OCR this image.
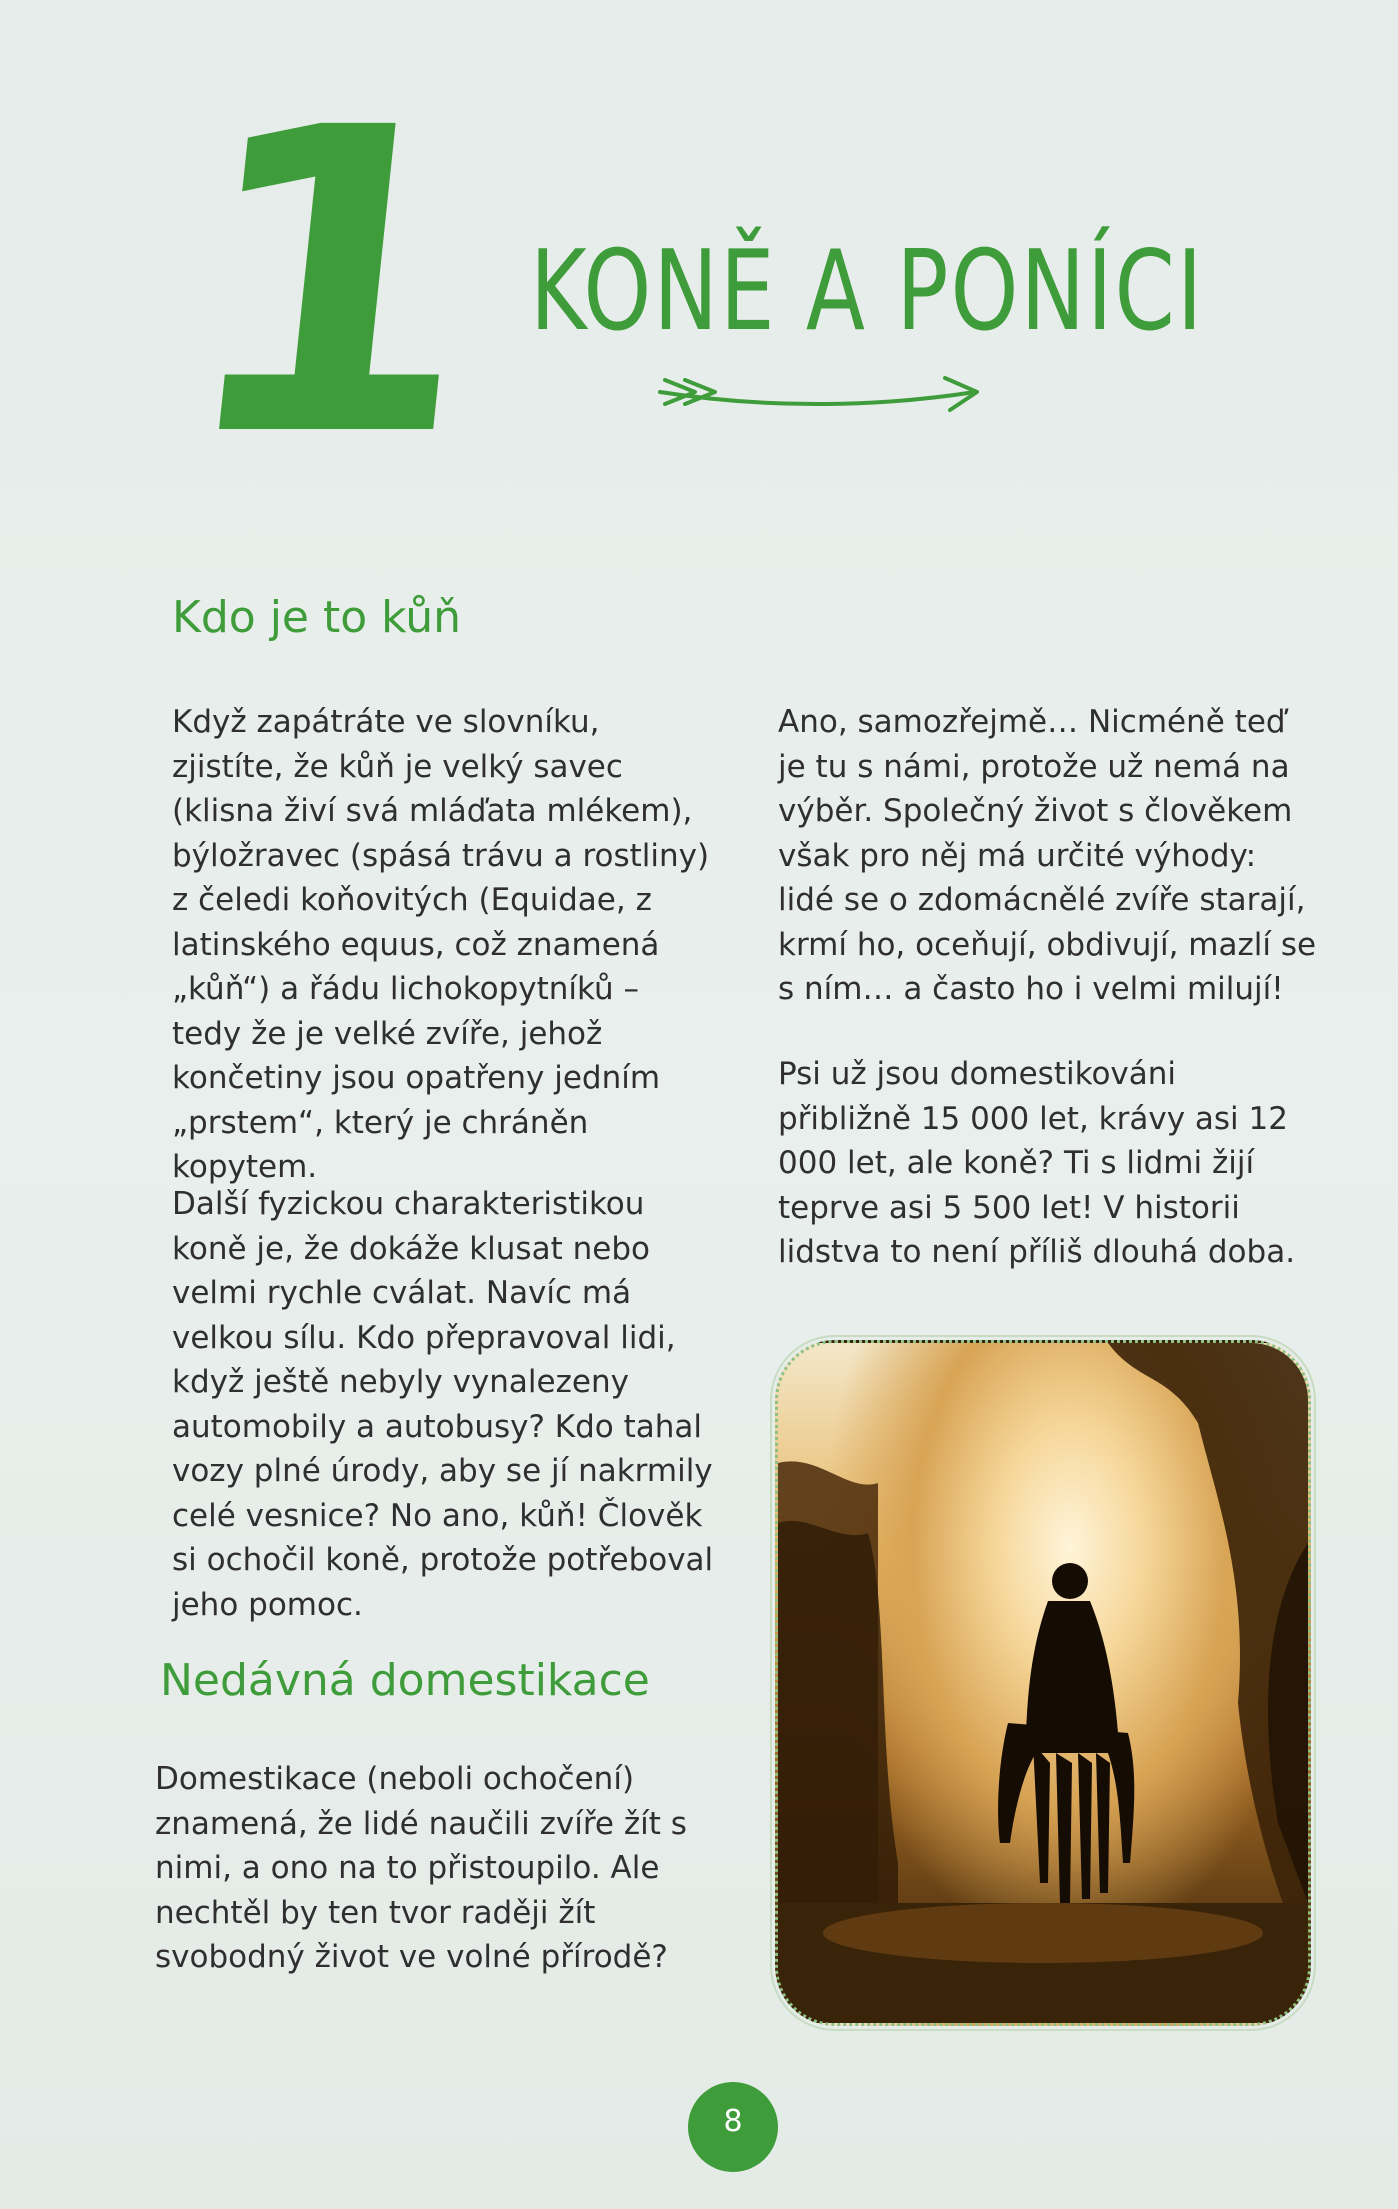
1 KONĚ A PONÍCI
Kdo je to kůň

Když zapátráte ve slovníku, zjistíte, že kůň je velký savec (klisna živí svá mláďata mlékem), býložravec (spásá trávu a rostliny) z čeledi koňovitých (Equidae, z latinského equus, což znamená „kůň“) a řádu lichokopytníků – tedy že je velké zvíře, jehož končetiny jsou opatřeny jedním „prstem“, který je chráněn kopytem.

Další fyzickou charakteristikou koně je, že dokáže klusat nebo velmi rychle cválat. Navíc má velkou sílu. Kdo přepravoval lidi, když ještě nebyly vynalezeny automobily a autobusy? Kdo tahal vozy plné úrody, aby se jí nakrmily celé vesnice? No ano, kůň! Člověk si ochočil koně, protože potřeboval jeho pomoc.

Nedávná domestikace

Domestikace (neboli ochočení) znamená, že lidé naučili zvíře žít s nimi, a ono na to přistoupilo. Ale nechtěl by ten tvor raději žít svobodný život ve volné přírodě?

Ano, samozřejmě… Nicméně teď je tu s námi, protože už nemá na výběr. Společný život s člověkem však pro něj má určité výhody: lidé se o zdomácnělé zvíře starají, krmí ho, oceňují, obdivují, mazlí se s ním… a často ho i velmi milují!

Psi už jsou domestikováni přibližně 15 000 let, krávy asi 12 000 let, ale koně? Ti s lidmi žijí teprve asi 5 500 let! V historii lidstva to není příliš dlouhá doba.

8
